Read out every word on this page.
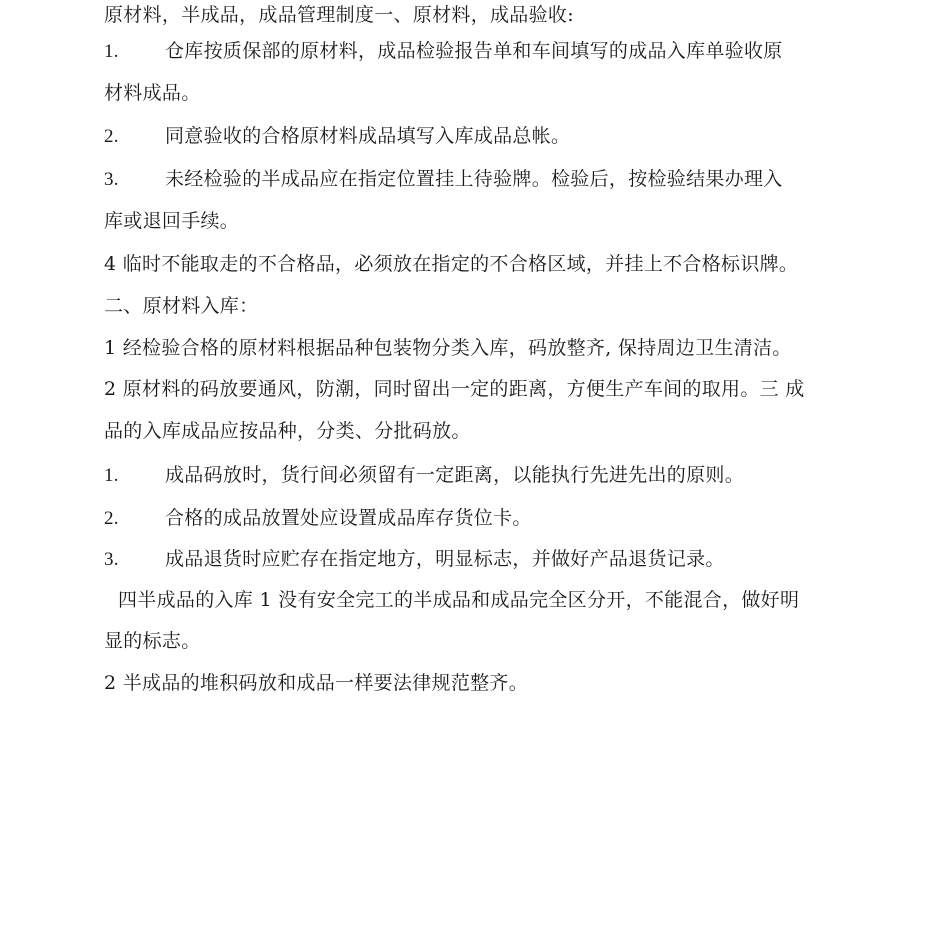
原材料，半成品，成品管理制度一、原材料，成品验收:
1. 仓库按质保部的原材料，成品检验报告单和车间填写的成品入库单验收原
材料成品。
2. 同意验收的合格原材料成品填写入库成品总帐。
3. 未经检验的半成品应在指定位置挂上待验牌。检验后，按检验结果办理入
库或退回手续。
4 临时不能取走的不合格品，必须放在指定的不合格区域，并挂上不合格标识牌。
二、原材料入库：
1 经检验合格的原材料根据品种包装物分类入库，码放整齐, 保持周边卫生清洁。
2 原材料的码放要通风，防潮，同时留出一定的距离，方便生产车间的取用。三 成
品的入库成品应按品种，分类、分批码放。
1. 成品码放时，货行间必须留有一定距离，以能执行先进先出的原则。
2. 合格的成品放置处应设置成品库存货位卡。
3. 成品退货时应贮存在指定地方，明显标志，并做好产品退货记录。
四半成品的入库 1 没有安全完工的半成品和成品完全区分开，不能混合，做好明
显的标志。
2 半成品的堆积码放和成品一样要法律规范整齐。
